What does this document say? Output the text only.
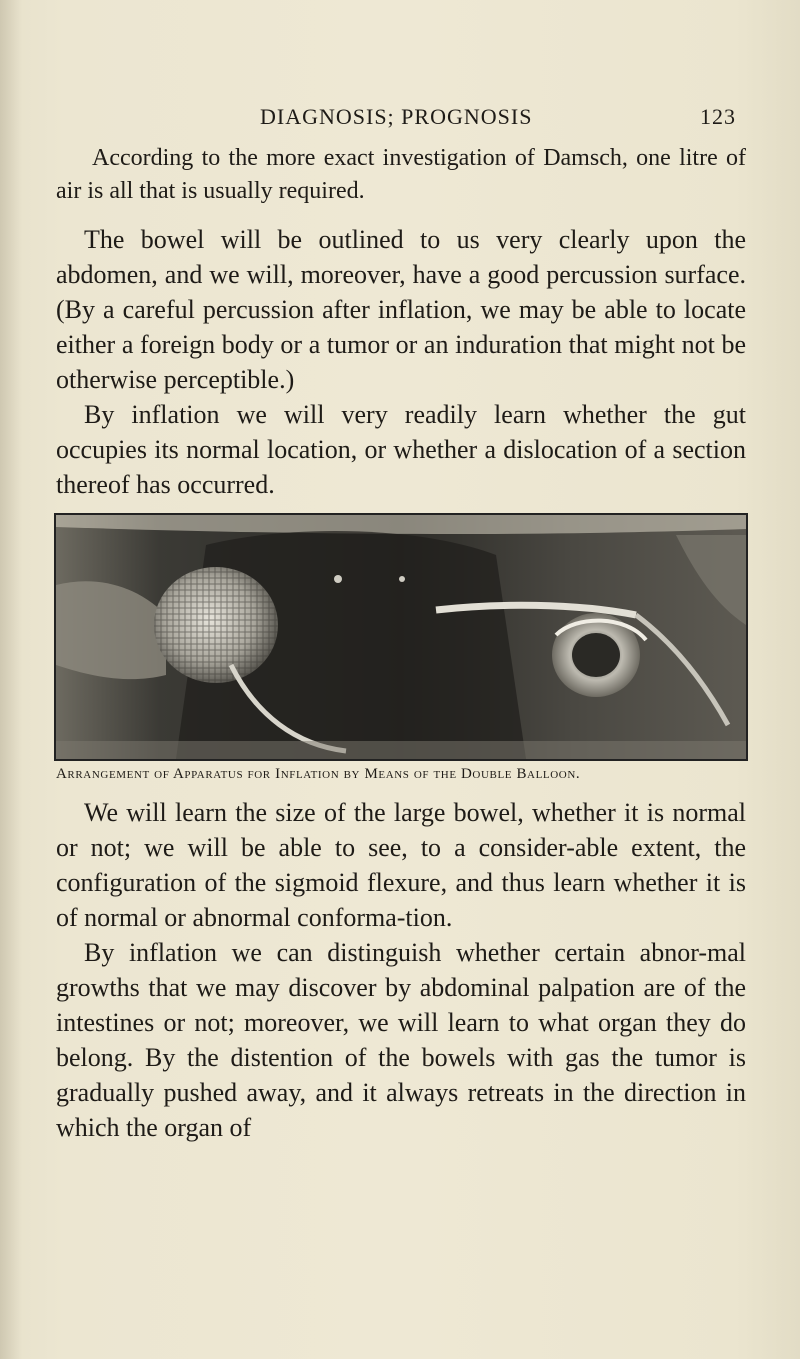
DIAGNOSIS; PROGNOSIS	123

According to the more exact investigation of Damsch, one litre of air is all that is usually required.

The bowel will be outlined to us very clearly upon the abdomen, and we will, moreover, have a good percussion surface. (By a careful percussion after inflation, we may be able to locate either a foreign body or a tumor or an induration that might not be otherwise perceptible.)

By inflation we will very readily learn whether the gut occupies its normal location, or whether a dislocation of a section thereof has occurred.

Arrangement of Apparatus for Inflation by Means of the Double Balloon.

We will learn the size of the large bowel, whether it is normal or not; we will be able to see, to a consider-able extent, the configuration of the sigmoid flexure, and thus learn whether it is of normal or abnormal conforma-tion.

By inflation we can distinguish whether certain abnor-mal growths that we may discover by abdominal palpation are of the intestines or not; moreover, we will learn to what organ they do belong. By the distention of the bowels with gas the tumor is gradually pushed away, and it always retreats in the direction in which the organ of
